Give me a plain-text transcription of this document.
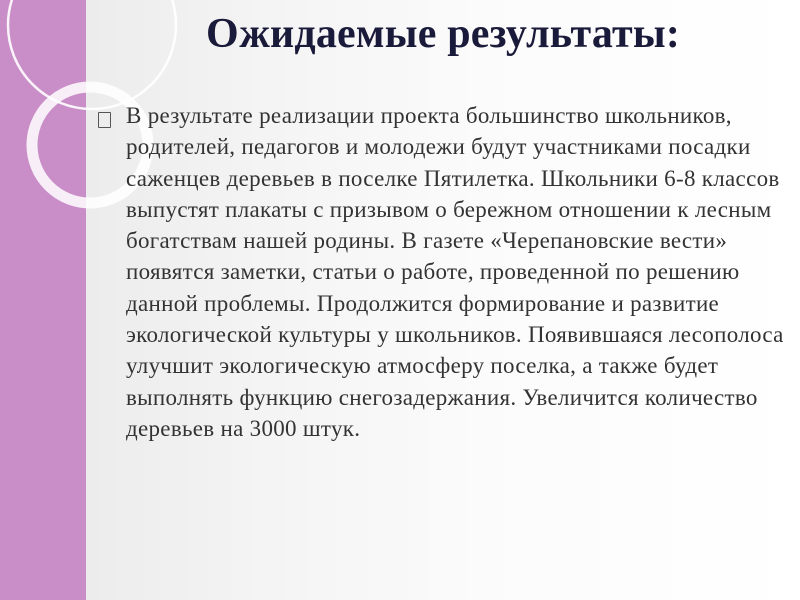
Ожидаемые результаты:

В результате реализации проекта большинство школьников, родителей, педагогов и молодежи будут участниками посадки саженцев деревьев в поселке Пятилетка. Школьники 6-8 классов выпустят плакаты с призывом о бережном отношении к лесным богатствам нашей родины. В газете «Черепановские вести» появятся заметки, статьи о работе, проведенной по решению данной проблемы. Продолжится формирование и развитие экологической культуры у школьников. Появившаяся лесополоса улучшит экологическую атмосферу поселка, а также будет выполнять функцию снегозадержания. Увеличится количество деревьев на 3000 штук.
